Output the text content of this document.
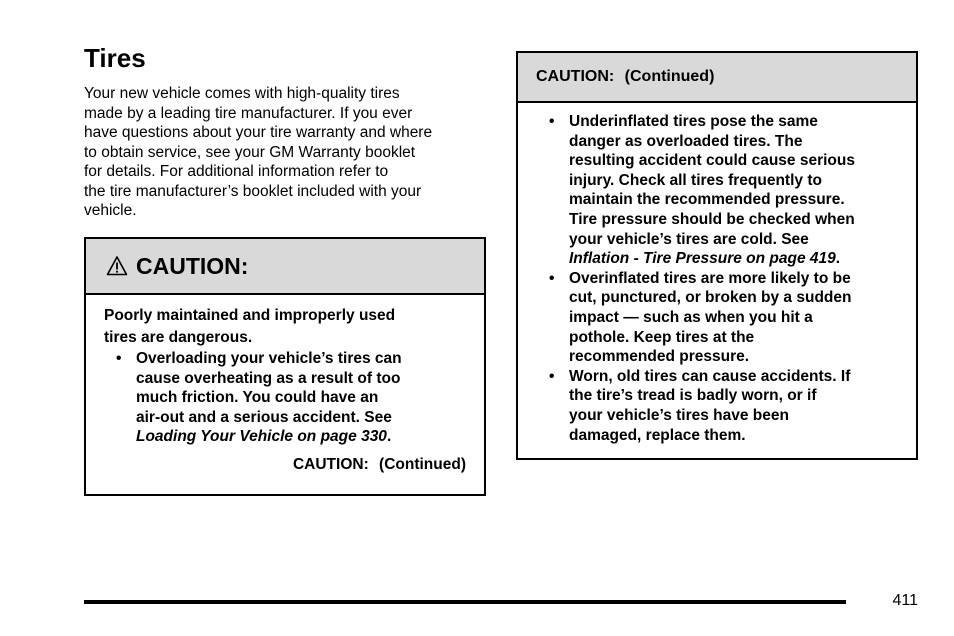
Tires

Your new vehicle comes with high-quality tires
made by a leading tire manufacturer. If you ever
have questions about your tire warranty and where
to obtain service, see your GM Warranty booklet
for details. For additional information refer to
the tire manufacturer’s booklet included with your
vehicle.

CAUTION:
Poorly maintained and improperly used
tires are dangerous.
• Overloading your vehicle’s tires can
cause overheating as a result of too
much friction. You could have an
air-out and a serious accident. See
Loading Your Vehicle on page 330.
CAUTION: (Continued)
CAUTION: (Continued)
• Underinflated tires pose the same
danger as overloaded tires. The
resulting accident could cause serious
injury. Check all tires frequently to
maintain the recommended pressure.
Tire pressure should be checked when
your vehicle’s tires are cold. See
Inflation - Tire Pressure on page 419.
• Overinflated tires are more likely to be
cut, punctured, or broken by a sudden
impact — such as when you hit a
pothole. Keep tires at the
recommended pressure.
• Worn, old tires can cause accidents. If
the tire’s tread is badly worn, or if
your vehicle’s tires have been
damaged, replace them.
411
